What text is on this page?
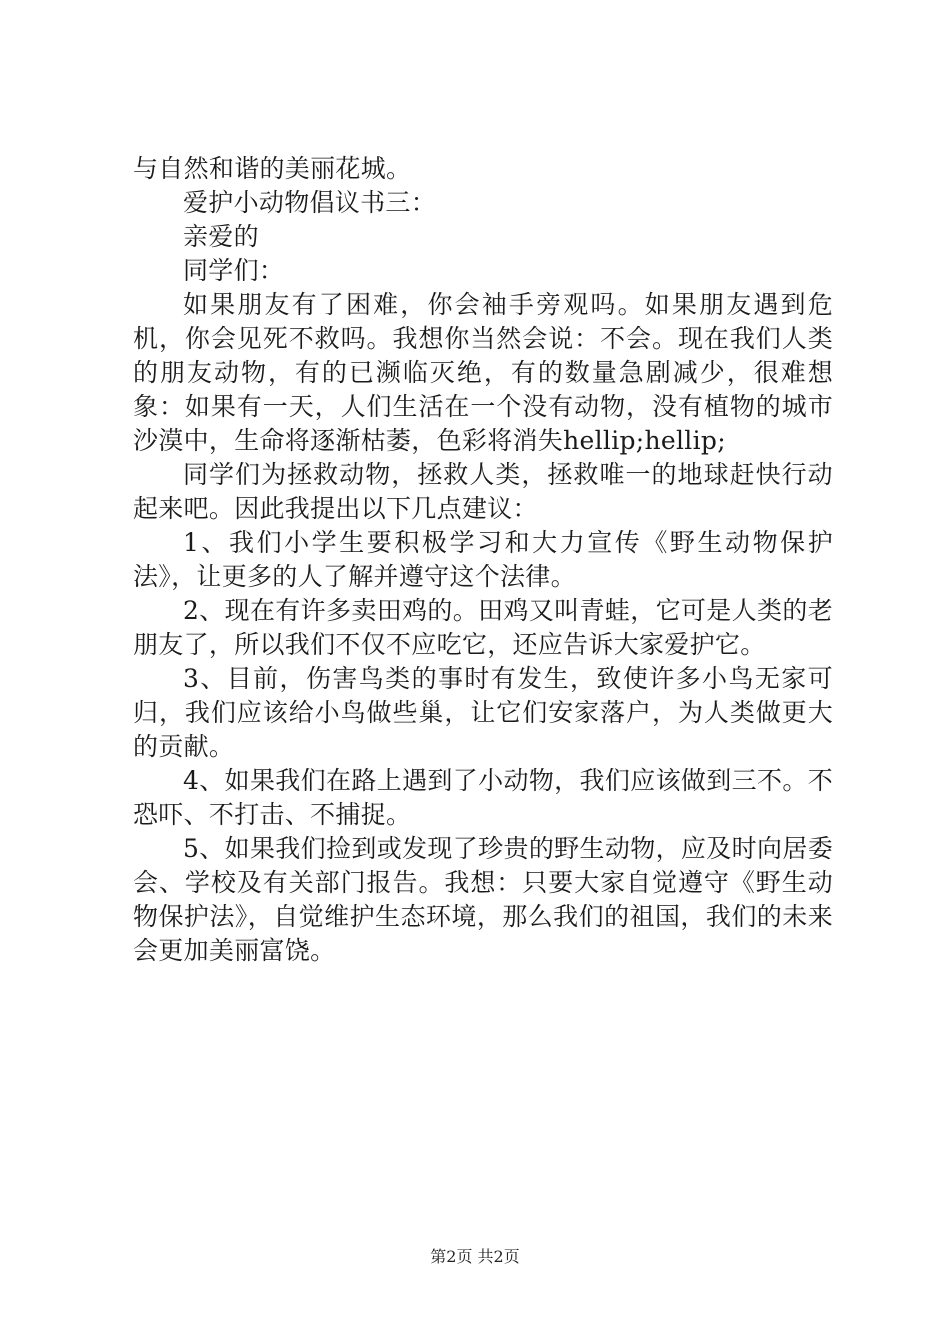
与自然和谐的美丽花城。

爱护小动物倡议书三：

亲爱的

同学们：

如果朋友有了困难，你会袖手旁观吗。如果朋友遇到危机，你会见死不救吗。我想你当然会说：不会。现在我们人类的朋友动物，有的已濒临灭绝，有的数量急剧减少，很难想象：如果有一天，人们生活在一个没有动物，没有植物的城市沙漠中，生命将逐渐枯萎，色彩将消失hellip;hellip;

同学们为拯救动物，拯救人类，拯救唯一的地球赶快行动起来吧。因此我提出以下几点建议：

1、我们小学生要积极学习和大力宣传《野生动物保护法》，让更多的人了解并遵守这个法律。

2、现在有许多卖田鸡的。田鸡又叫青蛙，它可是人类的老朋友了，所以我们不仅不应吃它，还应告诉大家爱护它。

3、目前，伤害鸟类的事时有发生，致使许多小鸟无家可归，我们应该给小鸟做些巢，让它们安家落户，为人类做更大的贡献。

4、如果我们在路上遇到了小动物，我们应该做到三不。不恐吓、不打击、不捕捉。

5、如果我们捡到或发现了珍贵的野生动物，应及时向居委会、学校及有关部门报告。我想：只要大家自觉遵守《野生动物保护法》，自觉维护生态环境，那么我们的祖国，我们的未来会更加美丽富饶。

第2页 共2页
